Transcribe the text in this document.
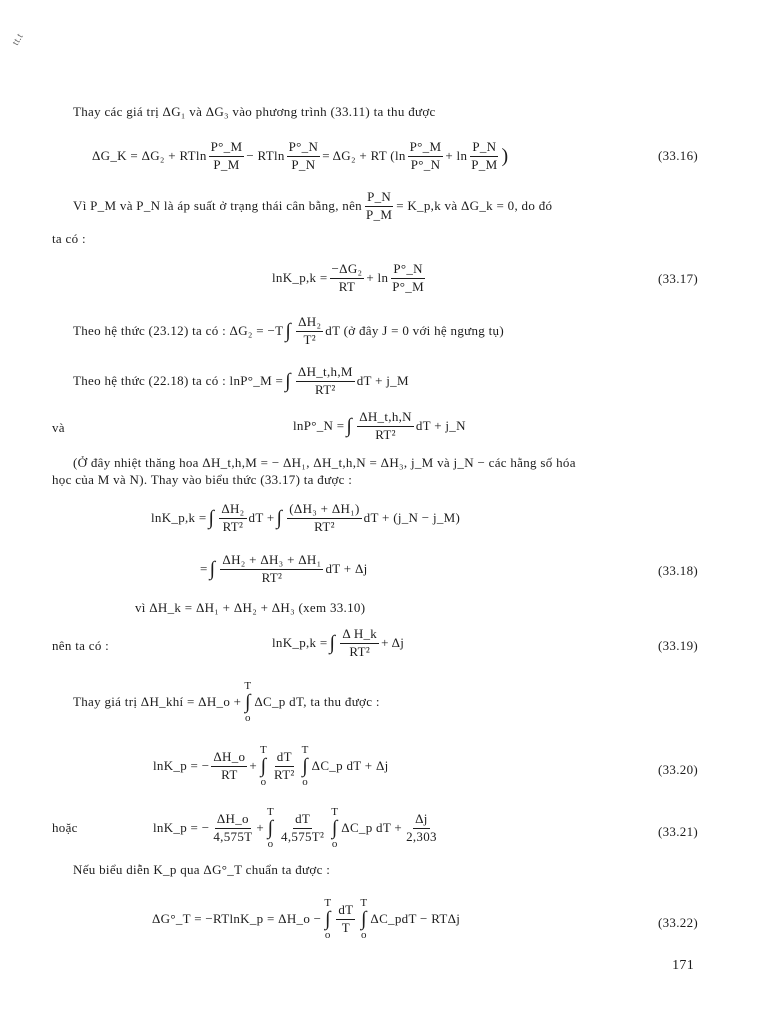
tt.t
Thay các giá trị ΔG₁ và ΔG₃ vào phương trình (33.11) ta thu được
ΔG_K = ΔG₂ + RTln $\frac{P^\circ\_M}{P\_M} - RTln \frac{P^\circ\_N}{P\_N} = \Delta G_2$ + RT ($\ln \frac{P^\circ\_M}{P^\circ\_N} + \ln \frac{P\_N}{P\_M}$ )	(33.16)
Vì P_M và P_N là áp suất ở trạng thái cân bằng, nên $\frac{P\_N}{P\_M}$ = K_p,k và ΔG_k = 0, do đó
ta có :
lnK_p,k = $\frac{\text{−ΔG₂}}{RT} + \ln \frac{P^\circ\_N}{P^\circ\_M}$	(33.17)
Theo hệ thức (23.12) ta có : ΔG₂ = −T ∫ $\frac{\text{ΔH₂}}{\text{T²}}$ dT (ở đây J = 0 với hệ ngưng tụ)
Theo hệ thức (22.18) ta có : lnP°_M = ∫ $\frac{\Delta H\_t,h,M}{\text{RT²}}$ dT + j_M
và	lnP°_N = ∫ $\frac{\Delta H\_t,h,N}{\text{RT²}}$ dT + j_N
(Ở đây nhiệt thăng hoa ΔH_t,h,M = − ΔH₁, ΔH_t,h,N = ΔH₃, j_M và j_N − các hằng số hóa
học của M và N). Thay vào biểu thức (33.17) ta được :
lnK_p,k = ∫ $\frac{\text{ΔH₂}}{\text{RT²}}$ dT + ∫ $\frac{\text{(ΔH₃ + ΔH₁)}}{\text{RT²}}$ dT + (j_N − j_M)
= ∫ $\frac{\text{ΔH₂ + ΔH₃ + ΔH₁}}{\text{RT²}}$ dT + Δj	(33.18)
vì ΔH_k = ΔH₁ + ΔH₂ + ΔH₃ (xem 33.10)
nên ta có :	lnK_p,k = ∫ $\frac{\text{Δ H\_k}}{\text{RT²}} + \Delta j$	(33.19)
Thay giá trị ΔH_khí = ΔH_o +
T
∫
o
ΔC_p dT, ta thu được :
lnK_p = − $\frac{\Delta H\_o}{RT}$ +
T
∫
o $\frac{dT}{\text{RT²}}$ T
∫
o
ΔC_p dT + Δj	(33.20)
hoặc	lnK_p = − $\frac{\Delta H\_o}{4,575T}$ +
T
∫
o $\frac{dT}{\text{4,575T²}}$ T
∫
o
ΔC_p dT + $\frac{\Delta j}{2,303}$	(33.21)
Nếu biểu diễn K_p qua ΔG°_T chuẩn ta được :
ΔG°_T = −RTlnK_p = ΔH_o −
T
∫
o $\frac{dT}{T}$ T
∫
o
ΔC_pdT − RTΔj	(33.22)
171
